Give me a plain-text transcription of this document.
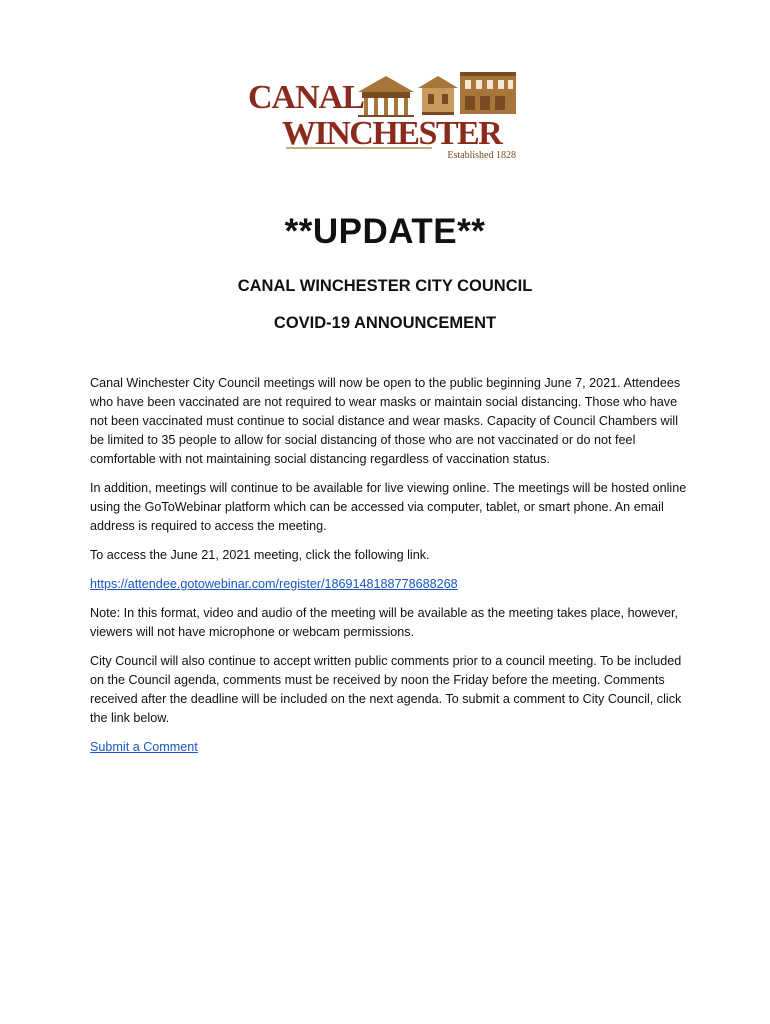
CANAL
WINCHESTER
Established 1828
**UPDATE**
CANAL WINCHESTER CITY COUNCIL
COVID-19 ANNOUNCEMENT

Canal Winchester City Council meetings will now be open to the public beginning June 7, 2021. Attendees who have been vaccinated are not required to wear masks or maintain social distancing. Those who have not been vaccinated must continue to social distance and wear masks. Capacity of Council Chambers will be limited to 35 people to allow for social distancing of those who are not vaccinated or do not feel comfortable with not maintaining social distancing regardless of vaccination status.

In addition, meetings will continue to be available for live viewing online. The meetings will be hosted online using the GoToWebinar platform which can be accessed via computer, tablet, or smart phone. An email address is required to access the meeting.

To access the June 21, 2021 meeting, click the following link.

https://attendee.gotowebinar.com/register/1869148188778688268

Note: In this format, video and audio of the meeting will be available as the meeting takes place, however, viewers will not have microphone or webcam permissions.

City Council will also continue to accept written public comments prior to a council meeting. To be included on the Council agenda, comments must be received by noon the Friday before the meeting. Comments received after the deadline will be included on the next agenda. To submit a comment to City Council, click the link below.

Submit a Comment
